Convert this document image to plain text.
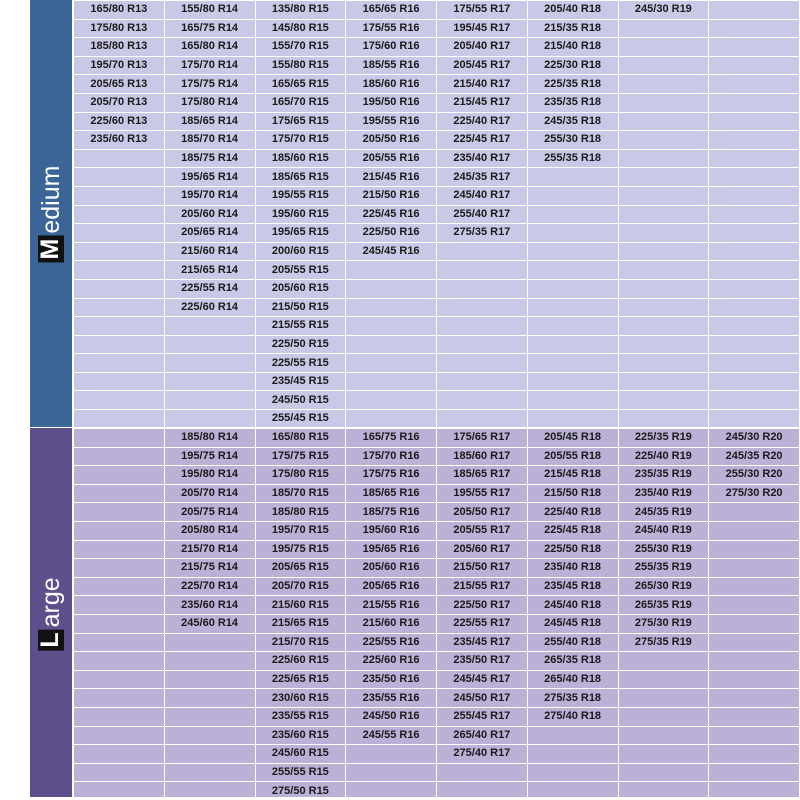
M
edium
165/80 R13	155/80 R14	135/80 R15	165/65 R16	175/55 R17	205/40 R18	245/30 R19	
175/80 R13	165/75 R14	145/80 R15	175/55 R16	195/45 R17	215/35 R18		
185/80 R13	165/80 R14	155/70 R15	175/60 R16	205/40 R17	215/40 R18		
195/70 R13	175/70 R14	155/80 R15	185/55 R16	205/45 R17	225/30 R18		
205/65 R13	175/75 R14	165/65 R15	185/60 R16	215/40 R17	225/35 R18		
205/70 R13	175/80 R14	165/70 R15	195/50 R16	215/45 R17	235/35 R18		
225/60 R13	185/65 R14	175/65 R15	195/55 R16	225/40 R17	245/35 R18		
235/60 R13	185/70 R14	175/70 R15	205/50 R16	225/45 R17	255/30 R18		
	185/75 R14	185/60 R15	205/55 R16	235/40 R17	255/35 R18		
	195/65 R14	185/65 R15	215/45 R16	245/35 R17			
	195/70 R14	195/55 R15	215/50 R16	245/40 R17			
	205/60 R14	195/60 R15	225/45 R16	255/40 R17			
	205/65 R14	195/65 R15	225/50 R16	275/35 R17			
	215/60 R14	200/60 R15	245/45 R16				
	215/65 R14	205/55 R15					
	225/55 R14	205/60 R15					
	225/60 R14	215/50 R15					
		215/55 R15					
		225/50 R15					
		225/55 R15					
		235/45 R15					
		245/50 R15					
		255/45 R15					
L
arge
	185/80 R14	165/80 R15	165/75 R16	175/65 R17	205/45 R18	225/35 R19	245/30 R20
	195/75 R14	175/75 R15	175/70 R16	185/60 R17	205/55 R18	225/40 R19	245/35 R20
	195/80 R14	175/80 R15	175/75 R16	185/65 R17	215/45 R18	235/35 R19	255/30 R20
	205/70 R14	185/70 R15	185/65 R16	195/55 R17	215/50 R18	235/40 R19	275/30 R20
	205/75 R14	185/80 R15	185/75 R16	205/50 R17	225/40 R18	245/35 R19	
	205/80 R14	195/70 R15	195/60 R16	205/55 R17	225/45 R18	245/40 R19	
	215/70 R14	195/75 R15	195/65 R16	205/60 R17	225/50 R18	255/30 R19	
	215/75 R14	205/65 R15	205/60 R16	215/50 R17	235/40 R18	255/35 R19	
	225/70 R14	205/70 R15	205/65 R16	215/55 R17	235/45 R18	265/30 R19	
	235/60 R14	215/60 R15	215/55 R16	225/50 R17	245/40 R18	265/35 R19	
	245/60 R14	215/65 R15	215/60 R16	225/55 R17	245/45 R18	275/30 R19	
		215/70 R15	225/55 R16	235/45 R17	255/40 R18	275/35 R19	
		225/60 R15	225/60 R16	235/50 R17	265/35 R18		
		225/65 R15	235/50 R16	245/45 R17	265/40 R18		
		230/60 R15	235/55 R16	245/50 R17	275/35 R18		
		235/55 R15	245/50 R16	255/45 R17	275/40 R18		
		235/60 R15	245/55 R16	265/40 R17			
		245/60 R15		275/40 R17			
		255/55 R15					
		275/50 R15					
